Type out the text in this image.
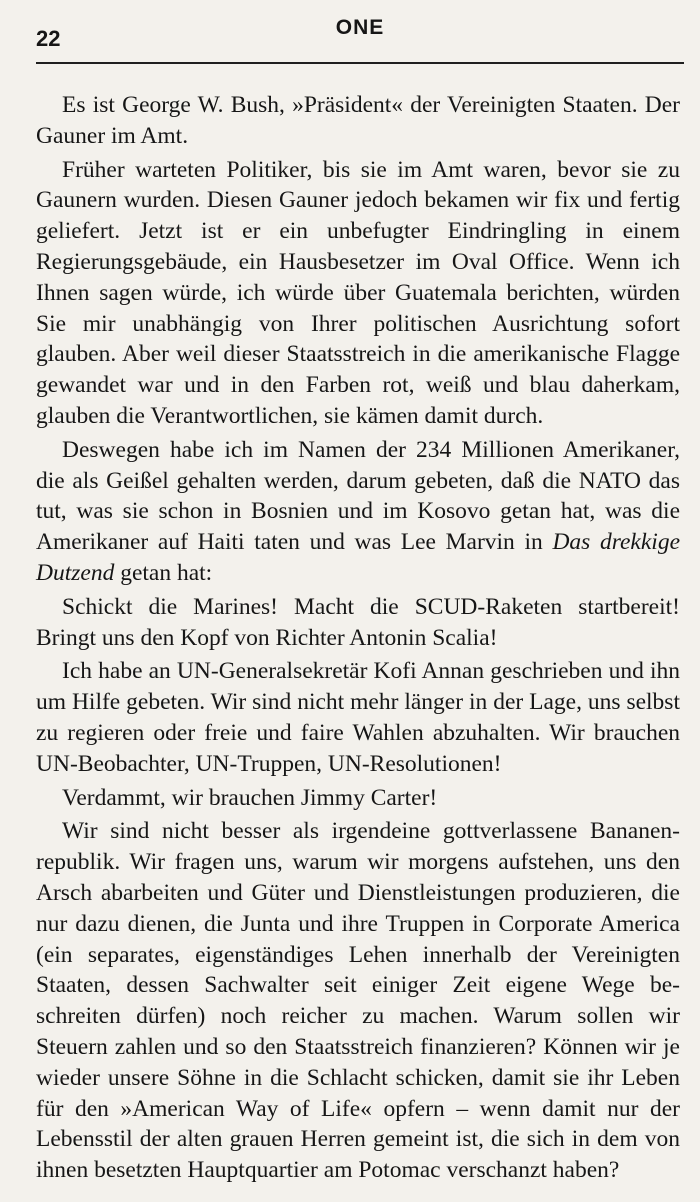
22	ONE

Es ist George W. Bush, »Präsident« der Vereinigten Staaten. Der Gauner im Amt.

Früher warteten Politiker, bis sie im Amt waren, bevor sie zu Gaunern wurden. Diesen Gauner jedoch bekamen wir fix und fertig geliefert. Jetzt ist er ein unbefugter Eindringling in einem Regierungsgebäude, ein Hausbesetzer im Oval Office. Wenn ich Ihnen sagen würde, ich würde über Guatemala berichten, würden Sie mir unabhängig von Ihrer politischen Ausrichtung sofort glauben. Aber weil dieser Staatsstreich in die amerikanische Flagge gewandet war und in den Farben rot, weiß und blau daherkam, glauben die Verantwortlichen, sie kämen damit durch.

Deswegen habe ich im Namen der 234 Millionen Amerikaner, die als Geißel gehalten werden, darum gebeten, daß die NATO das tut, was sie schon in Bosnien und im Kosovo getan hat, was die Amerikaner auf Haiti taten und was Lee Marvin in Das drekkige Dutzend getan hat:

Schickt die Marines! Macht die SCUD-Raketen startbereit! Bringt uns den Kopf von Richter Antonin Scalia!

Ich habe an UN-Generalsekretär Kofi Annan geschrieben und ihn um Hilfe gebeten. Wir sind nicht mehr länger in der Lage, uns selbst zu regieren oder freie und faire Wahlen abzuhalten. Wir brauchen UN-Beobachter, UN-Truppen, UN-Resolutionen!

Verdammt, wir brauchen Jimmy Carter!

Wir sind nicht besser als irgendeine gottverlassene Bananenrepublik. Wir fragen uns, warum wir morgens aufstehen, uns den Arsch abarbeiten und Güter und Dienstleistungen produzieren, die nur dazu dienen, die Junta und ihre Truppen in Corporate America (ein separates, eigenständiges Lehen innerhalb der Vereinigten Staaten, dessen Sachwalter seit einiger Zeit eigene Wege beschreiten dürfen) noch reicher zu machen. Warum sollen wir Steuern zahlen und so den Staatsstreich finanzieren? Können wir je wieder unsere Söhne in die Schlacht schicken, damit sie ihr Leben für den »American Way of Life« opfern – wenn damit nur der Lebensstil der alten grauen Herren gemeint ist, die sich in dem von ihnen besetzten Hauptquartier am Potomac verschanzt haben?
